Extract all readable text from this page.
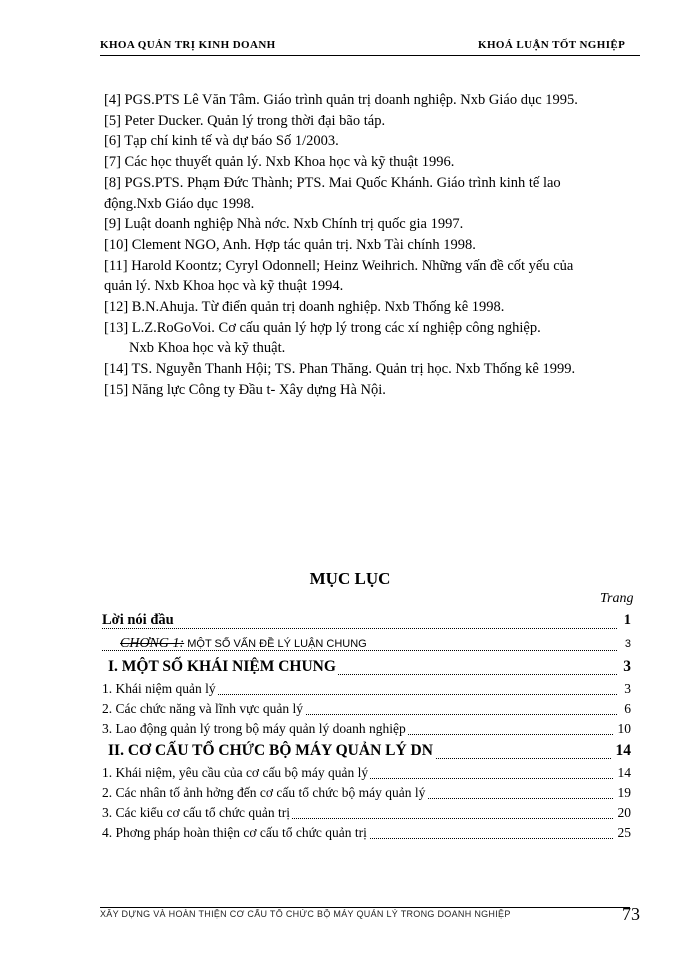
KHOA QUẢN TRỊ KINH DOANH	KHOÁ LUẬN TỐT NGHIỆP
[4] PGS.PTS Lê Văn Tâm. Giáo trình quản trị doanh nghiệp. Nxb Giáo dục 1995.
[5] Peter Ducker. Quản lý trong thời đại bão táp.
[6] Tạp chí kinh tế và dự báo Số 1/2003.
[7] Các học thuyết quản lý. Nxb Khoa học và kỹ thuật 1996.
[8] PGS.PTS. Phạm Đức Thành; PTS. Mai Quốc Khánh. Giáo trình kinh tế lao
động.Nxb Giáo dục 1998.
[9] Luật doanh nghiệp Nhà nớc. Nxb Chính trị quốc gia 1997.
[10] Clement NGO, Anh. Hợp tác quản trị. Nxb Tài chính 1998.
[11] Harold Koontz; Cyryl Odonnell; Heinz Weihrich. Những vấn đề cốt yếu của
quản lý. Nxb Khoa học và kỹ thuật 1994.
[12] B.N.Ahuja. Từ điển quản trị doanh nghiệp. Nxb Thống kê 1998.
[13] L.Z.RoGoVoi. Cơ cấu quản lý hợp lý trong các xí nghiệp công nghiệp.
Nxb Khoa học và kỹ thuật.
[14] TS. Nguyễn Thanh Hội; TS. Phan Thăng. Quản trị học. Nxb Thống kê 1999.
[15] Năng lực Công ty Đầu t- Xây dựng Hà Nội.
MỤC LỤC
Trang
Lời nói đầu	1
CHƠNG 1: MỘT SỐ VẤN ĐỀ LÝ LUẬN CHUNG	3
I. MỘT SỐ KHÁI NIỆM CHUNG	3
1. Khái niệm quản lý	3
2. Các chức năng và lĩnh vực quản lý	6
3. Lao động quản lý trong bộ máy quản lý doanh nghiệp	10
II. CƠ CẤU TỔ CHỨC BỘ MÁY QUẢN LÝ DN	14
1. Khái niệm, yêu cầu của cơ cấu bộ máy quản lý	14
2. Các nhân tố ảnh hởng đến cơ cấu tổ chức bộ máy quản lý	19
3. Các kiểu cơ cấu tổ chức quản trị	20
4. Phơng pháp hoàn thiện cơ cấu tổ chức quản trị	25
XÂY DỰNG VÀ HOÀN THIỆN CƠ CẤU TỔ CHỨC BỘ MÁY QUẢN LÝ TRONG DOANH NGHIỆP	73
